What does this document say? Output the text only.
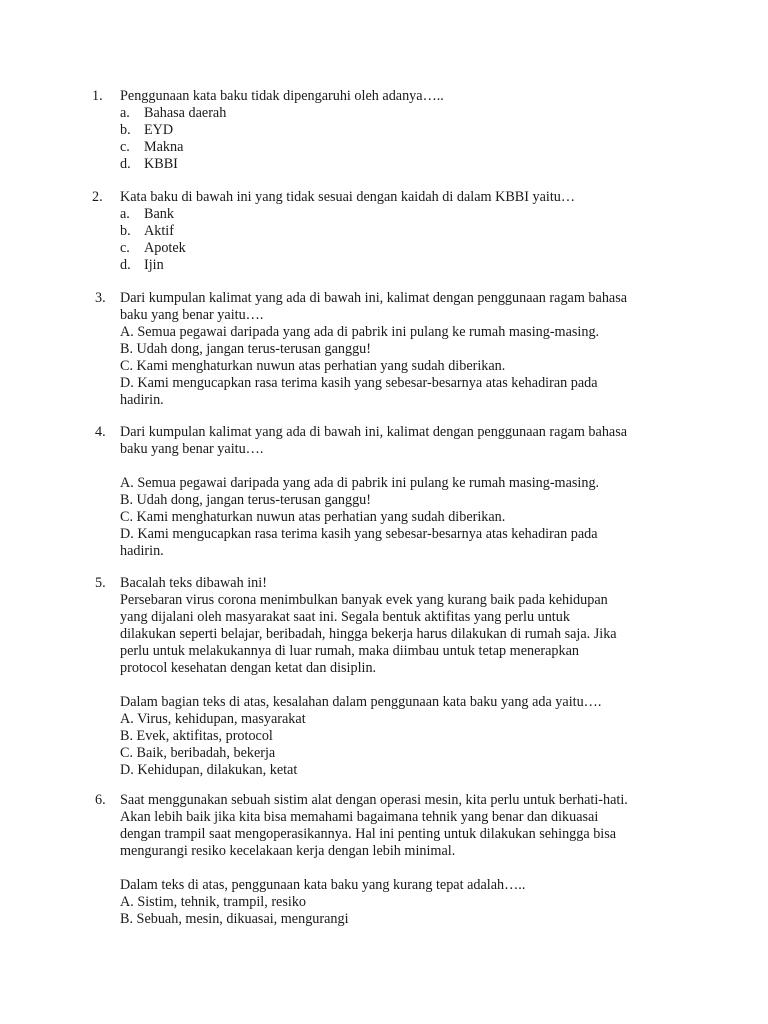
1. Penggunaan kata baku tidak dipengaruhi oleh adanya…..
a. Bahasa daerah
b. EYD
c. Makna
d. KBBI
2. Kata baku di bawah ini yang tidak sesuai dengan kaidah di dalam KBBI yaitu…
a. Bank
b. Aktif
c. Apotek
d. Ijin
3. Dari kumpulan kalimat yang ada di bawah ini, kalimat dengan penggunaan ragam bahasa
baku yang benar yaitu….
A. Semua pegawai daripada yang ada di pabrik ini pulang ke rumah masing-masing.
B. Udah dong, jangan terus-terusan ganggu!
C. Kami menghaturkan nuwun atas perhatian yang sudah diberikan.
D. Kami mengucapkan rasa terima kasih yang sebesar-besarnya atas kehadiran pada
hadirin.
4. Dari kumpulan kalimat yang ada di bawah ini, kalimat dengan penggunaan ragam bahasa
baku yang benar yaitu….
A. Semua pegawai daripada yang ada di pabrik ini pulang ke rumah masing-masing.
B. Udah dong, jangan terus-terusan ganggu!
C. Kami menghaturkan nuwun atas perhatian yang sudah diberikan.
D. Kami mengucapkan rasa terima kasih yang sebesar-besarnya atas kehadiran pada
hadirin.
5. Bacalah teks dibawah ini!
Persebaran virus corona menimbulkan banyak evek yang kurang baik pada kehidupan
yang dijalani oleh masyarakat saat ini. Segala bentuk aktifitas yang perlu untuk
dilakukan seperti belajar, beribadah, hingga bekerja harus dilakukan di rumah saja. Jika
perlu untuk melakukannya di luar rumah, maka diimbau untuk tetap menerapkan
protocol kesehatan dengan ketat dan disiplin.
Dalam bagian teks di atas, kesalahan dalam penggunaan kata baku yang ada yaitu….
A. Virus, kehidupan, masyarakat
B. Evek, aktifitas, protocol
C. Baik, beribadah, bekerja
D. Kehidupan, dilakukan, ketat
6. Saat menggunakan sebuah sistim alat dengan operasi mesin, kita perlu untuk berhati-hati.
Akan lebih baik jika kita bisa memahami bagaimana tehnik yang benar dan dikuasai
dengan trampil saat mengoperasikannya. Hal ini penting untuk dilakukan sehingga bisa
mengurangi resiko kecelakaan kerja dengan lebih minimal.
Dalam teks di atas, penggunaan kata baku yang kurang tepat adalah…..
A. Sistim, tehnik, trampil, resiko
B. Sebuah, mesin, dikuasai, mengurangi
